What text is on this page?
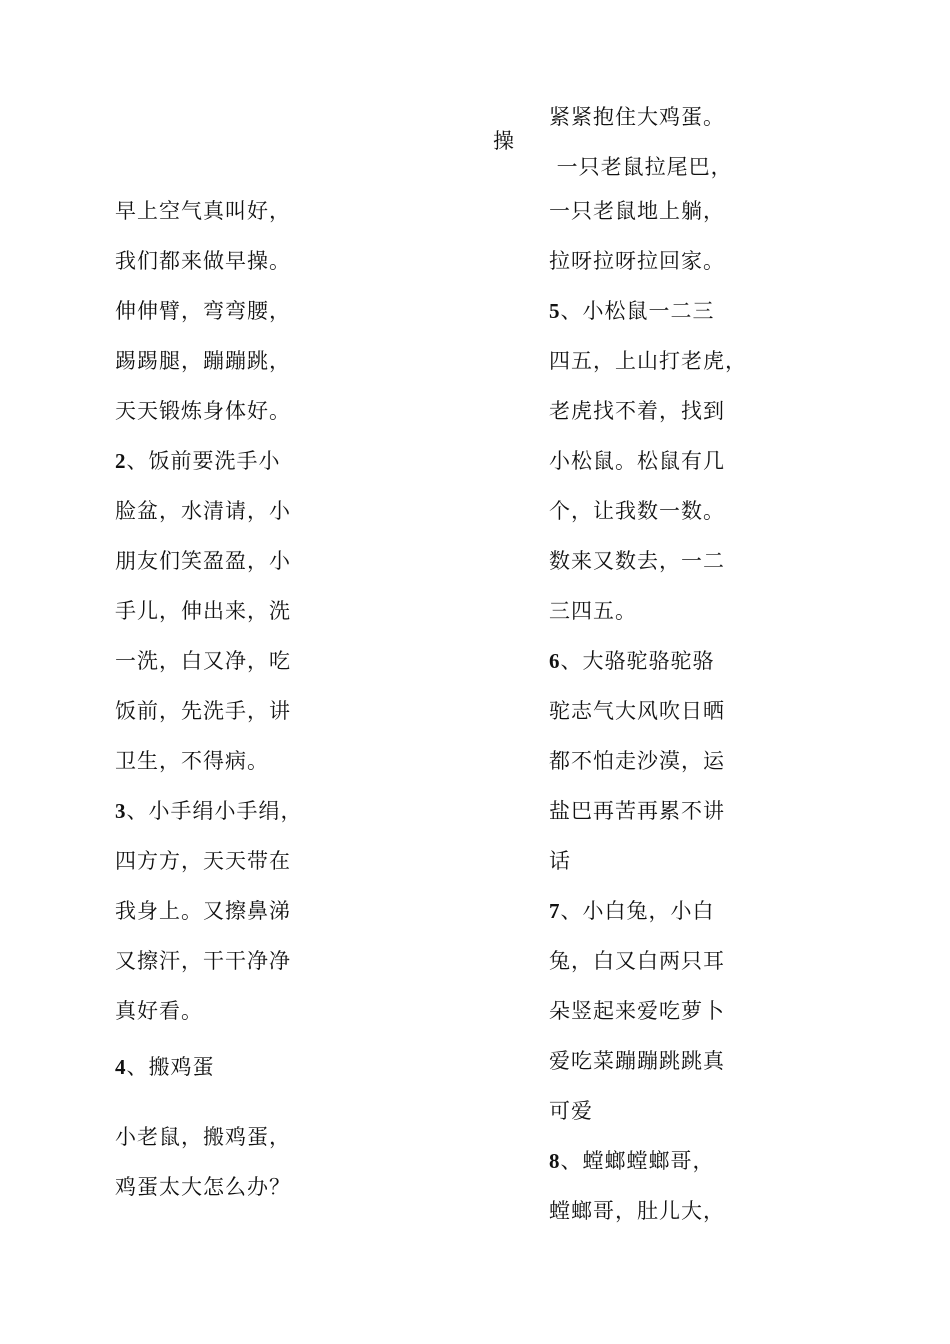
操
早上空气真叫好，
我们都来做早操。
伸伸臂，弯弯腰，
踢踢腿，蹦蹦跳，
天天锻炼身体好。
2、饭前要洗手小
脸盆，水清请，小
朋友们笑盈盈，小
手儿，伸出来，洗
一洗，白又净，吃
饭前，先洗手，讲
卫生，不得病。
3、小手绢小手绢，
四方方，天天带在
我身上。又擦鼻涕
又擦汗，干干净净
真好看。
4、搬鸡蛋
小老鼠，搬鸡蛋，
鸡蛋太大怎么办？
紧紧抱住大鸡蛋。
一只老鼠拉尾巴，
一只老鼠地上躺，
拉呀拉呀拉回家。
5、小松鼠一二三
四五，上山打老虎，
老虎找不着，找到
小松鼠。松鼠有几
个，让我数一数。
数来又数去，一二
三四五。
6、大骆驼骆驼骆
驼志气大风吹日晒
都不怕走沙漠，运
盐巴再苦再累不讲
话
7、小白兔，小白
兔，白又白两只耳
朵竖起来爱吃萝卜
爱吃菜蹦蹦跳跳真
可爱
8、螳螂螳螂哥，
螳螂哥，肚儿大，
